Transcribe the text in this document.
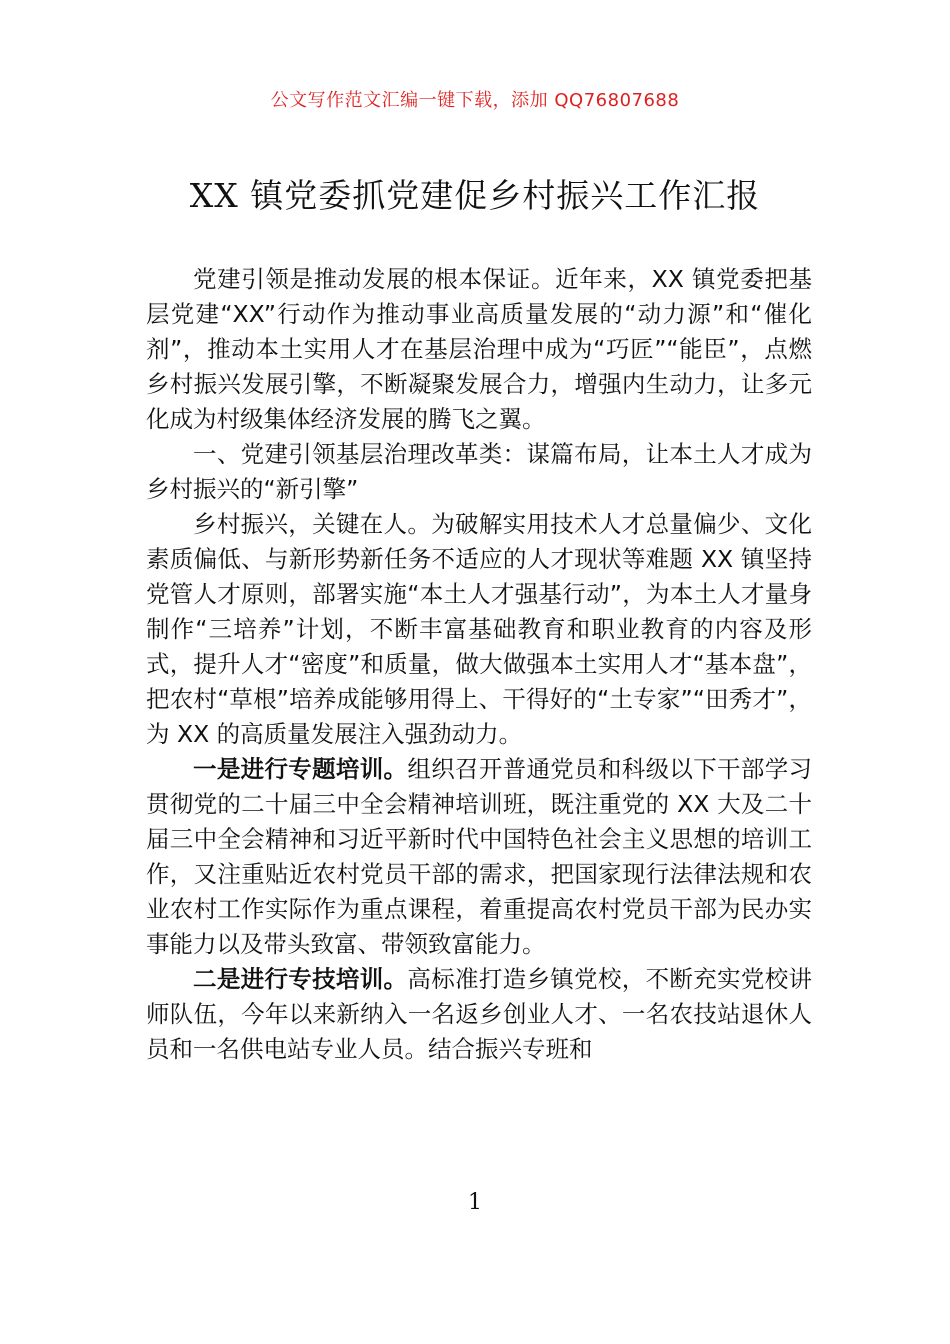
公文写作范文汇编一键下载，添加 QQ76807688
XX 镇党委抓党建促乡村振兴工作汇报

党建引领是推动发展的根本保证。近年来，XX 镇党委把基层党建“XX”行动作为推动事业高质量发展的“动力源”和“催化剂”，推动本土实用人才在基层治理中成为“巧匠”“能臣”，点燃乡村振兴发展引擎，不断凝聚发展合力，增强内生动力，让多元化成为村级集体经济发展的腾飞之翼。

一、党建引领基层治理改革类：谋篇布局，让本土人才成为乡村振兴的“新引擎”

乡村振兴，关键在人。为破解实用技术人才总量偏少、文化素质偏低、与新形势新任务不适应的人才现状等难题 XX 镇坚持党管人才原则，部署实施“本土人才强基行动”，为本土人才量身制作“三培养”计划，不断丰富基础教育和职业教育的内容及形式，提升人才“密度”和质量，做大做强本土实用人才“基本盘”，把农村“草根”培养成能够用得上、干得好的“土专家”“田秀才”，为 XX 的高质量发展注入强劲动力。

一是进行专题培训。组织召开普通党员和科级以下干部学习贯彻党的二十届三中全会精神培训班，既注重党的 XX 大及二十届三中全会精神和习近平新时代中国特色社会主义思想的培训工作，又注重贴近农村党员干部的需求，把国家现行法律法规和农业农村工作实际作为重点课程，着重提高农村党员干部为民办实事能力以及带头致富、带领致富能力。

二是进行专技培训。高标准打造乡镇党校，不断充实党校讲师队伍，今年以来新纳入一名返乡创业人才、一名农技站退休人员和一名供电站专业人员。结合振兴专班和

1
